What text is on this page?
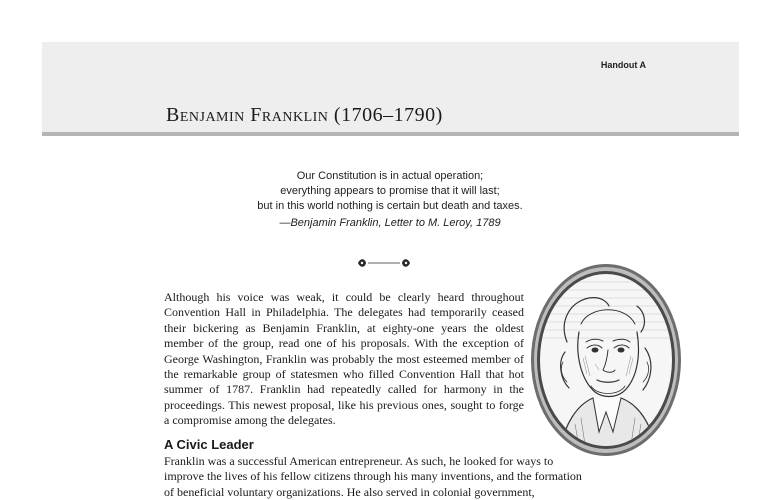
Handout A
Benjamin Franklin (1706–1790)
Our Constitution is in actual operation;
everything appears to promise that it will last;
but in this world nothing is certain but death and taxes.
—Benjamin Franklin, Letter to M. Leroy, 1789

Although his voice was weak, it could be clearly heard throughout Convention Hall in Philadelphia. The delegates had temporarily ceased their bickering as Benjamin Franklin, at eighty-one years the oldest member of the group, read one of his proposals. With the exception of George Washington, Franklin was probably the most esteemed member of the remarkable group of statesmen who filled Convention Hall that hot summer of 1787. Franklin had repeatedly called for harmony in the proceedings. This newest proposal, like his previous ones, sought to forge a compromise among the delegates.

A Civic Leader

Franklin was a successful American entrepreneur. As such, he looked for ways to improve the lives of his fellow citizens through his many inventions, and the formation of beneficial voluntary organizations. He also served in colonial government,
